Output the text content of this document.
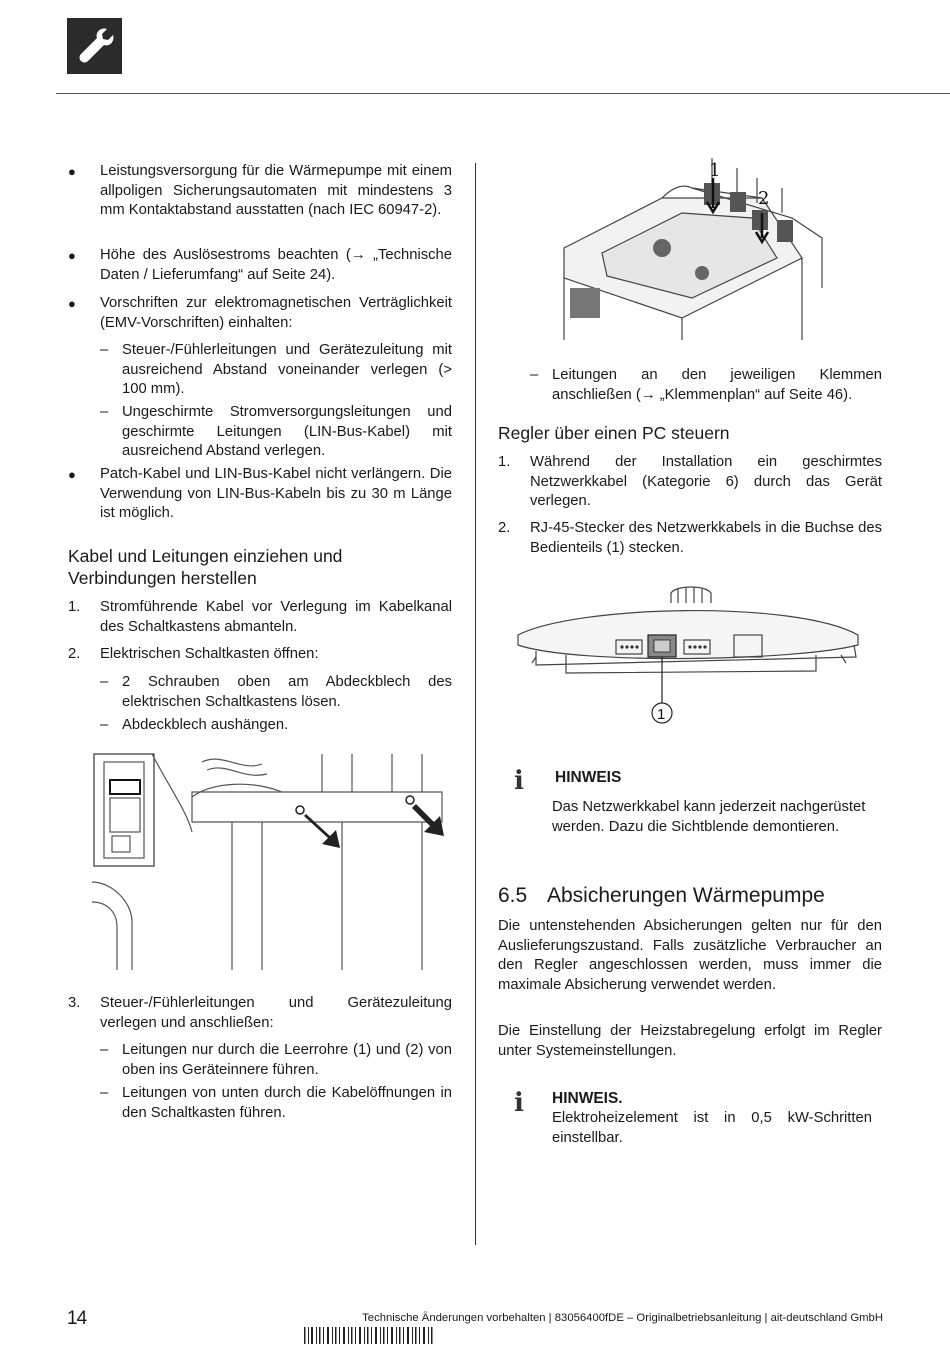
● Leistungsversorgung für die Wärmepumpe mit einem allpoligen Sicherungsautomaten mit mindestens 3 mm Kontaktabstand ausstatten (nach IEC 60947-2).
● Höhe des Auslösestroms beachten (→ „Technische Daten / Lieferumfang“ auf Seite 24).
● Vorschriften zur elektromagnetischen Verträglichkeit (EMV-Vorschriften) einhalten:
– Steuer-/Fühlerleitungen und Gerätezuleitung mit ausreichend Abstand voneinander verlegen (> 100 mm).
– Ungeschirmte Stromversorgungsleitungen und geschirmte Leitungen (LIN-Bus-Kabel) mit ausreichend Abstand verlegen.
● Patch-Kabel und LIN-Bus-Kabel nicht verlängern. Die Verwendung von LIN-Bus-Kabeln bis zu 30 m Länge ist möglich.
Kabel und Leitungen einziehen und Verbindungen herstellen
1. Stromführende Kabel vor Verlegung im Kabelkanal des Schaltkastens abmanteln.
2. Elektrischen Schaltkasten öffnen:
– 2 Schrauben oben am Abdeckblech des elektrischen Schaltkastens lösen.
– Abdeckblech aushängen.
3. Steuer-/Fühlerleitungen und Gerätezuleitung verlegen und anschließen:
– Leitungen nur durch die Leerrohre (1) und (2) von oben ins Geräteinnere führen.
– Leitungen von unten durch die Kabelöffnungen in den Schaltkasten führen.
1
2
– Leitungen an den jeweiligen Klemmen anschließen (→ „Klemmenplan“ auf Seite 46).
Regler über einen PC steuern
1. Während der Installation ein geschirmtes Netzwerkkabel (Kategorie 6) durch das Gerät verlegen.
2. RJ-45-Stecker des Netzwerkkabels in die Buchse des Bedienteils (1) stecken.
1
ℹ HINWEIS
Das Netzwerkkabel kann jederzeit nachgerüstet werden. Dazu die Sichtblende demontieren.
6.5 Absicherungen Wärmepumpe
Die untenstehenden Absicherungen gelten nur für den Auslieferungszustand. Falls zusätzliche Verbraucher an den Regler angeschlossen werden, muss immer die maximale Absicherung verwendet werden.
Die Einstellung der Heizstabregelung erfolgt im Regler unter Systemeinstellungen.
ℹ HINWEIS.
Elektroheizelement ist in 0,5 kW-Schritten einstellbar.
14	Technische Änderungen vorbehalten | 83056400fDE – Originalbetriebsanleitung | ait-deutschland GmbH
